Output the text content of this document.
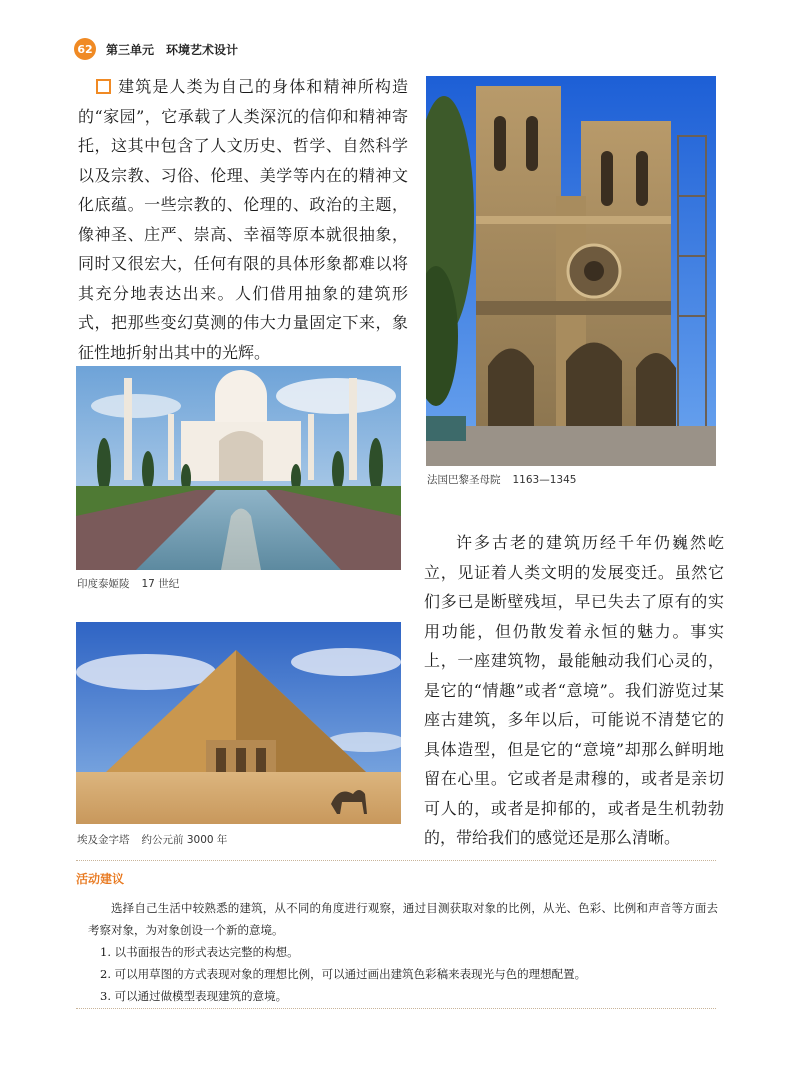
62 第三单元 环境艺术设计
建筑是人类为自己的身体和精神所构造的“家园”，它承载了人类深沉的信仰和精神寄托，这其中包含了人文历史、哲学、自然科学以及宗教、习俗、伦理、美学等内在的精神文化底蕴。一些宗教的、伦理的、政治的主题，像神圣、庄严、崇高、幸福等原本就很抽象，同时又很宏大，任何有限的具体形象都难以将其充分地表达出来。人们借用抽象的建筑形式，把那些变幻莫测的伟大力量固定下来，象征性地折射出其中的光辉。
法国巴黎圣母院 1163—1345
印度泰姬陵 17 世纪
埃及金字塔 约公元前 3000 年
许多古老的建筑历经千年仍巍然屹立，见证着人类文明的发展变迁。虽然它们多已是断壁残垣，早已失去了原有的实用功能，但仍散发着永恒的魅力。事实上，一座建筑物，最能触动我们心灵的，是它的“情趣”或者“意境”。我们游览过某座古建筑，多年以后，可能说不清楚它的具体造型，但是它的“意境”却那么鲜明地留在心里。它或者是肃穆的，或者是亲切可人的，或者是抑郁的，或者是生机勃勃的，带给我们的感觉还是那么清晰。
活动建议

选择自己生活中较熟悉的建筑，从不同的角度进行观察，通过目测获取对象的比例，从光、色彩、比例和声音等方面去考察对象，为对象创设一个新的意境。

1. 以书面报告的形式表达完整的构想。
2. 可以用草图的方式表现对象的理想比例，可以通过画出建筑色彩稿来表现光与色的理想配置。
3. 可以通过做模型表现建筑的意境。
